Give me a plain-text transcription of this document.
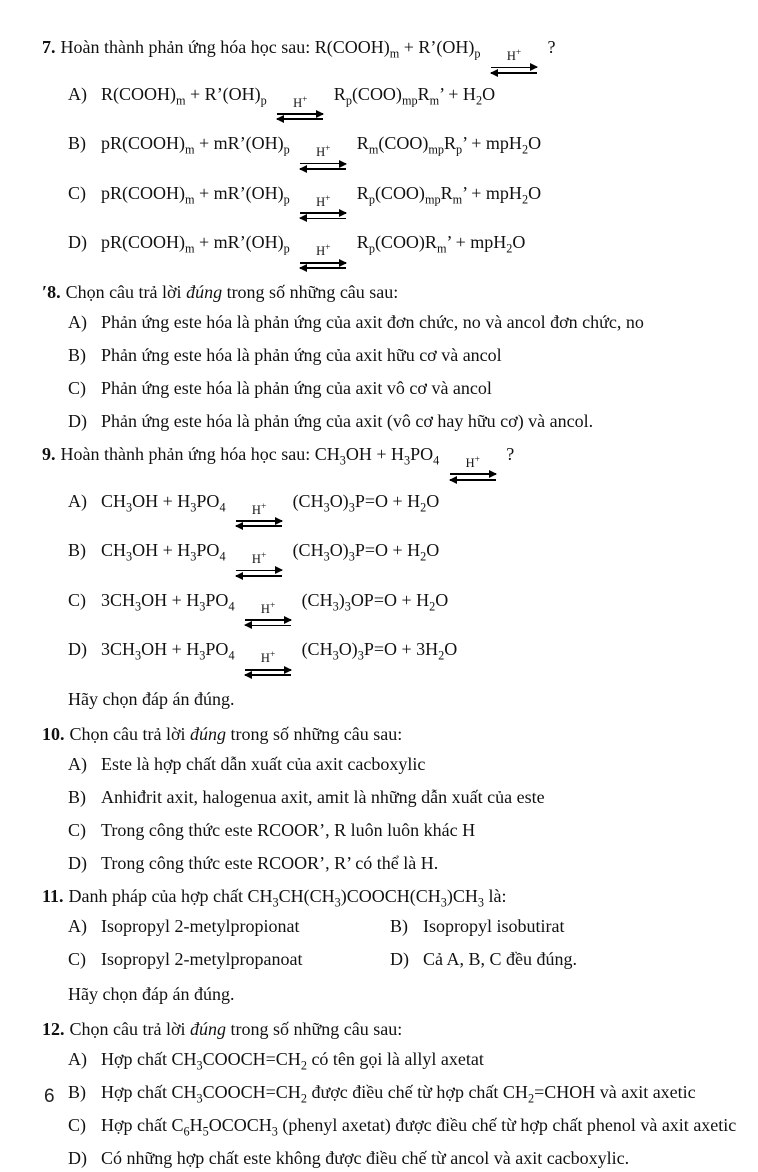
7. Hoàn thành phản ứng hóa học sau: $R(COOH)_m$ + $R’(OH)_p$ H+ ?
A) $R(COOH)_m$ + $R’(OH)_p$ H+ $R_p(COO)_{mp}R_m$’ + $H_2O$
B) $pR(COOH)_m$ + $mR’(OH)_p$ H+ $R_m(COO)_{mp}R_p$’ + mpH$_2$O
C) $pR(COOH)_m$ + $mR’(OH)_p$ H+ $R_p(COO)_{mp}R_m$’ + mpH$_2$O
D) $pR(COOH)_m$ + $mR’(OH)_p$ H+ $R_p(COO)R_m$’ + mpH$_2$O
′8. Chọn câu trả lời đúng trong số những câu sau:
A) Phản ứng este hóa là phản ứng của axit đơn chức, no và ancol đơn chức, no
B) Phản ứng este hóa là phản ứng của axit hữu cơ và ancol
C) Phản ứng este hóa là phản ứng của axit vô cơ và ancol
D) Phản ứng este hóa là phản ứng của axit (vô cơ hay hữu cơ) và ancol.
9. Hoàn thành phản ứng hóa học sau: $CH_3OH + H_3PO_4$ H+ ?
A) $CH_3OH + H_3PO_4$ H+ $(CH_3O)_3P=O + H_2O$
B) $CH_3OH + H_3PO_4$ H+ $(CH_3O)_3P=O + H_2O$
C) $3CH_3OH + H_3PO_4$ H+ $(CH_3)_3OP=O + H_2O$
D) $3CH_3OH + H_3PO_4$ H+ $(CH_3O)_3P=O + 3H_2O$
Hãy chọn đáp án đúng.
10. Chọn câu trả lời đúng trong số những câu sau:
A) Este là hợp chất dẫn xuất của axit cacboxylic
B) Anhiđrit axit, halogenua axit, amit là những dẫn xuất của este
C) Trong công thức este RCOOR’, R luôn luôn khác H
D) Trong công thức este RCOOR’, R’ có thể là H.
11. Danh pháp của hợp chất $CH_3CH(CH_3)COOCH(CH_3)CH_3$ là:
A) Isopropyl 2-metylpropionat	B) Isopropyl isobutirat
C) Isopropyl 2-metylpropanoat	D) Cả A, B, C đều đúng.
Hãy chọn đáp án đúng.
12. Chọn câu trả lời đúng trong số những câu sau:
A) Hợp chất $CH_3COOCH=CH_2$ có tên gọi là allyl axetat
B) Hợp chất $CH_3COOCH=CH_2$ được điều chế từ hợp chất $CH_2=CHOH$ và axit axetic
C) Hợp chất $C_6H_5OCOCH_3$ (phenyl axetat) được điều chế từ hợp chất phenol và axit axetic
D) Có những hợp chất este không được điều chế từ ancol và axit cacboxylic.
6
